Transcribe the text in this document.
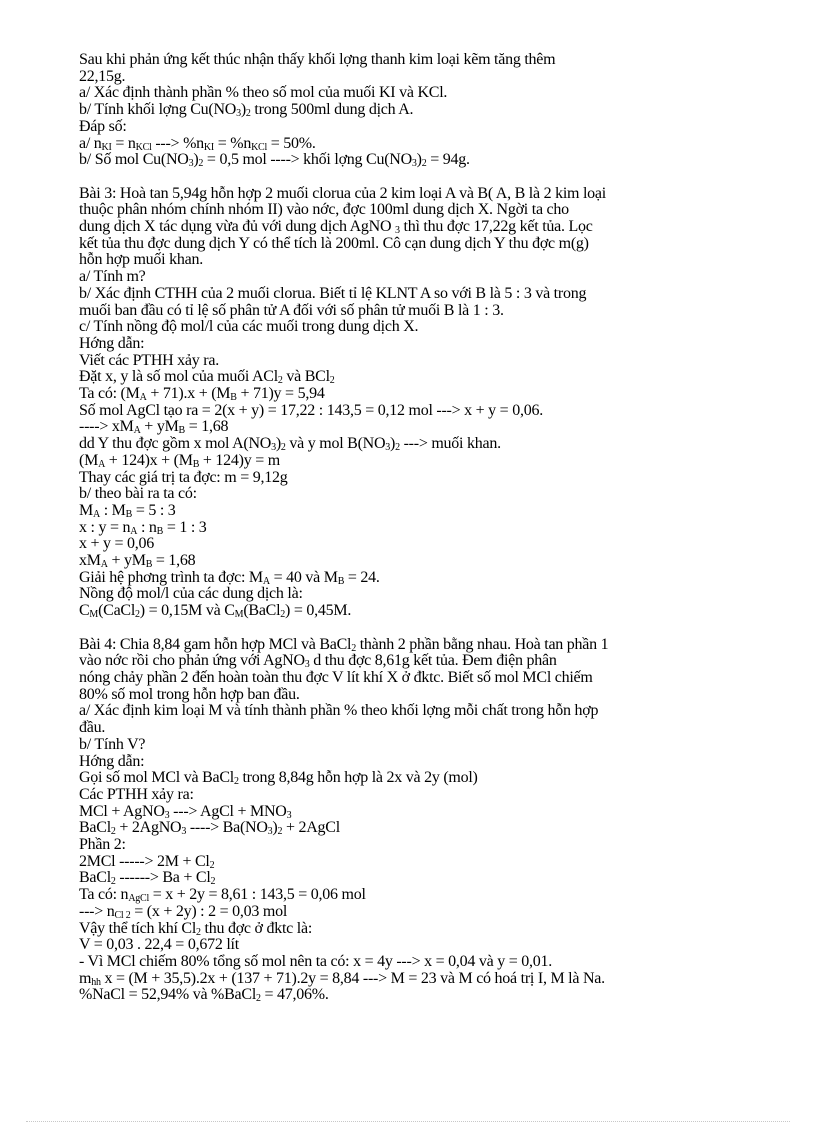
Sau khi phản ứng kết thúc nhận thấy khối lợng thanh kim loại kẽm tăng thêm
22,15g.
a/ Xác định thành phần % theo số mol của muối KI và KCl.
b/ Tính khối lợng $Cu(NO_3)_2$ trong 500ml dung dịch A.
Đáp số:
a/ $n_{KI} = n_{KCl}$ ---> $\%n_{KI} = \%n_{KCl} = 50\%$.
b/ Số mol $Cu(NO_3)_2 = 0,5$ mol ----> khối lợng $Cu(NO_3)_2 = 94g$.
Bài 3: Hoà tan 5,94g hỗn hợp 2 muối clorua của 2 kim loại A và B( A, B là 2 kim loại
thuộc phân nhóm chính nhóm II) vào nớc, đợc 100ml dung dịch X. Ngời ta cho
dung dịch X tác dụng vừa đủ với dung dịch AgNO $_3$ thì thu đợc 17,22g kết tủa. Lọc
kết tủa thu đợc dung dịch Y có thể tích là 200ml. Cô cạn dung dịch Y thu đợc m(g)
hỗn hợp muối khan.
a/ Tính m?
b/ Xác định CTHH của 2 muối clorua. Biết tỉ lệ KLNT A so với B là 5 : 3 và trong
muối ban đầu có tỉ lệ số phân tử A đối với số phân tử muối B là 1 : 3.
c/ Tính nồng độ mol/l của các muối trong dung dịch X.
Hớng dẫn:
Viết các PTHH xảy ra.
Đặt x, y là số mol của muối ACl$_2$ và BCl$_2$
Ta có: $(M_A + 71).x + (M_B + 71)y = 5,94$
Số mol AgCl tạo ra = 2(x + y) = 17,22 : 143,5 = 0,12 mol ---> x + y = 0,06.
----> $xM_A + yM_B = 1,68$
dd Y thu đợc gồm x mol $A(NO_3)_2$ và y mol $B(NO_3)_2$ ---> muối khan.
$(M_A + 124)x + (M_B + 124)y = m$
Thay các giá trị ta đợc: m = 9,12g
b/ theo bài ra ta có:
$M_A$ : $M_B = 5$ : 3
x : $y = n_A$ : $n_B = 1$ : 3
x + y = 0,06
$xM_A + yM_B = 1,68$
Giải hệ phơng trình ta đợc: $M_A = 40$ và $M_B = 24$.
Nồng độ mol/l của các dung dịch là:
$C_M(CaCl_2) = 0,15M$ và $C_M(BaCl_2) = 0,45M$.
Bài 4: Chia 8,84 gam hỗn hợp MCl và BaCl$_2$ thành 2 phần bằng nhau. Hoà tan phần 1
vào nớc rồi cho phản ứng với AgNO$_3$ d thu đợc 8,61g kết tủa. Đem điện phân
nóng chảy phần 2 đến hoàn toàn thu đợc V lít khí X ở đktc. Biết số mol MCl chiếm
80% số mol trong hỗn hợp ban đầu.
a/ Xác định kim loại M và tính thành phần % theo khối lợng mỗi chất trong hỗn hợp
đầu.
b/ Tính V?
Hớng dẫn:
Gọi số mol MCl và BaCl$_2$ trong 8,84g hỗn hợp là 2x và 2y (mol)
Các PTHH xảy ra:
MCl + AgNO$_3$ ---> AgCl + $MNO_3$
BaCl$_2$ + 2AgNO$_3$ ----> $Ba(NO_3)_2$ + 2AgCl
Phần 2:
2MCl -----> $2M + Cl_2$
BaCl$_2$ ------> $Ba + Cl_2$
Ta có: $n_{AgCl} = x + 2y = 8,61$ : 143,5 = 0,06 mol
---> $n_{Cl 2} = (x + 2y)$ : 2 = 0,03 mol
Vậy thể tích khí $Cl_2$ thu đợc ở đktc là:
V = 0,03 . 22,4 = 0,672 lít
- Vì MCl chiếm 80% tổng số mol nên ta có: x = 4y ---> x = 0,04 và y = 0,01.
$m_{hh}$ x = (M + 35,5).2x + (137 + 71).2y = 8,84 ---> M = 23 và M có hoá trị I, M là Na.
%NaCl = 52,94% và %BaCl$_2$ = 47,06%.
